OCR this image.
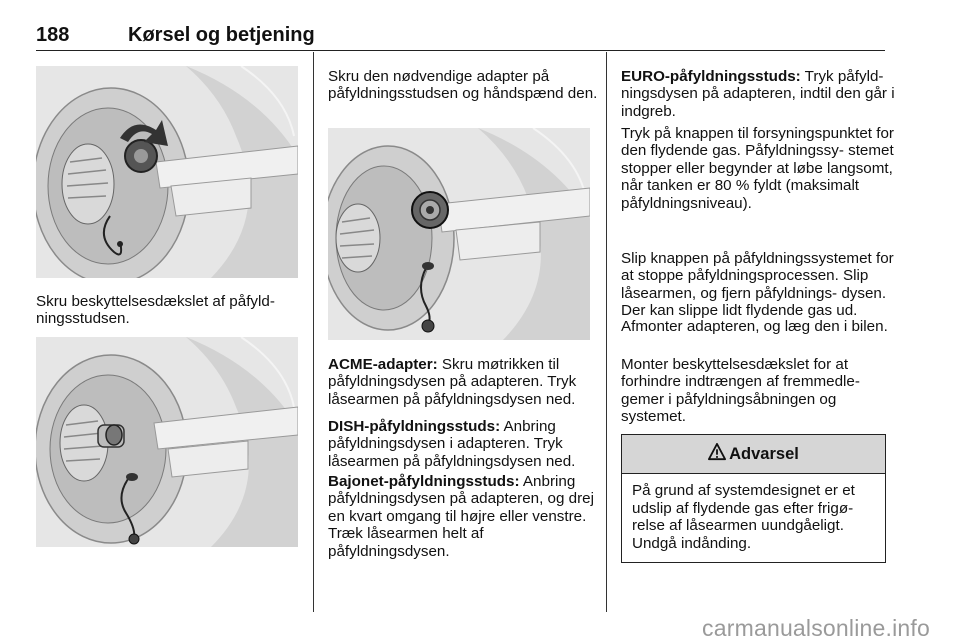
188	Kørsel og betjening

Skru beskyttelsesdækslet af påfyld- ningsstudsen.

Skru den nødvendige adapter på påfyldningsstudsen og håndspænd den.

ACME-adapter: Skru møtrikken til påfyldningsdysen på adapteren. Tryk låsearmen på påfyldningsdysen ned.

DISH-påfyldningsstuds: Anbring påfyldningsdysen i adapteren. Tryk låsearmen på påfyldningsdysen ned.

Bajonet-påfyldningsstuds: Anbring påfyldningsdysen på adapteren, og drej en kvart omgang til højre eller venstre. Træk låsearmen helt af påfyldningsdysen.

EURO-påfyldningsstuds: Tryk påfyld- ningsdysen på adapteren, indtil den går i indgreb.

Tryk på knappen til forsyningspunktet for den flydende gas. Påfyldningssy- stemet stopper eller begynder at løbe langsomt, når tanken er 80 % fyldt (maksimalt påfyldningsniveau).

Slip knappen på påfyldningssystemet for at stoppe påfyldningsprocessen. Slip låsearmen, og fjern påfyldnings- dysen. Der kan slippe lidt flydende gas ud.

Afmonter adapteren, og læg den i bilen.

Monter beskyttelsesdækslet for at forhindre indtrængen af fremmedle- gemer i påfyldningsåbningen og systemet.

Advarsel
På grund af systemdesignet er et udslip af flydende gas efter frigø- relse af låsearmen uundgåeligt. Undgå indånding.
carmanualsonline.info
